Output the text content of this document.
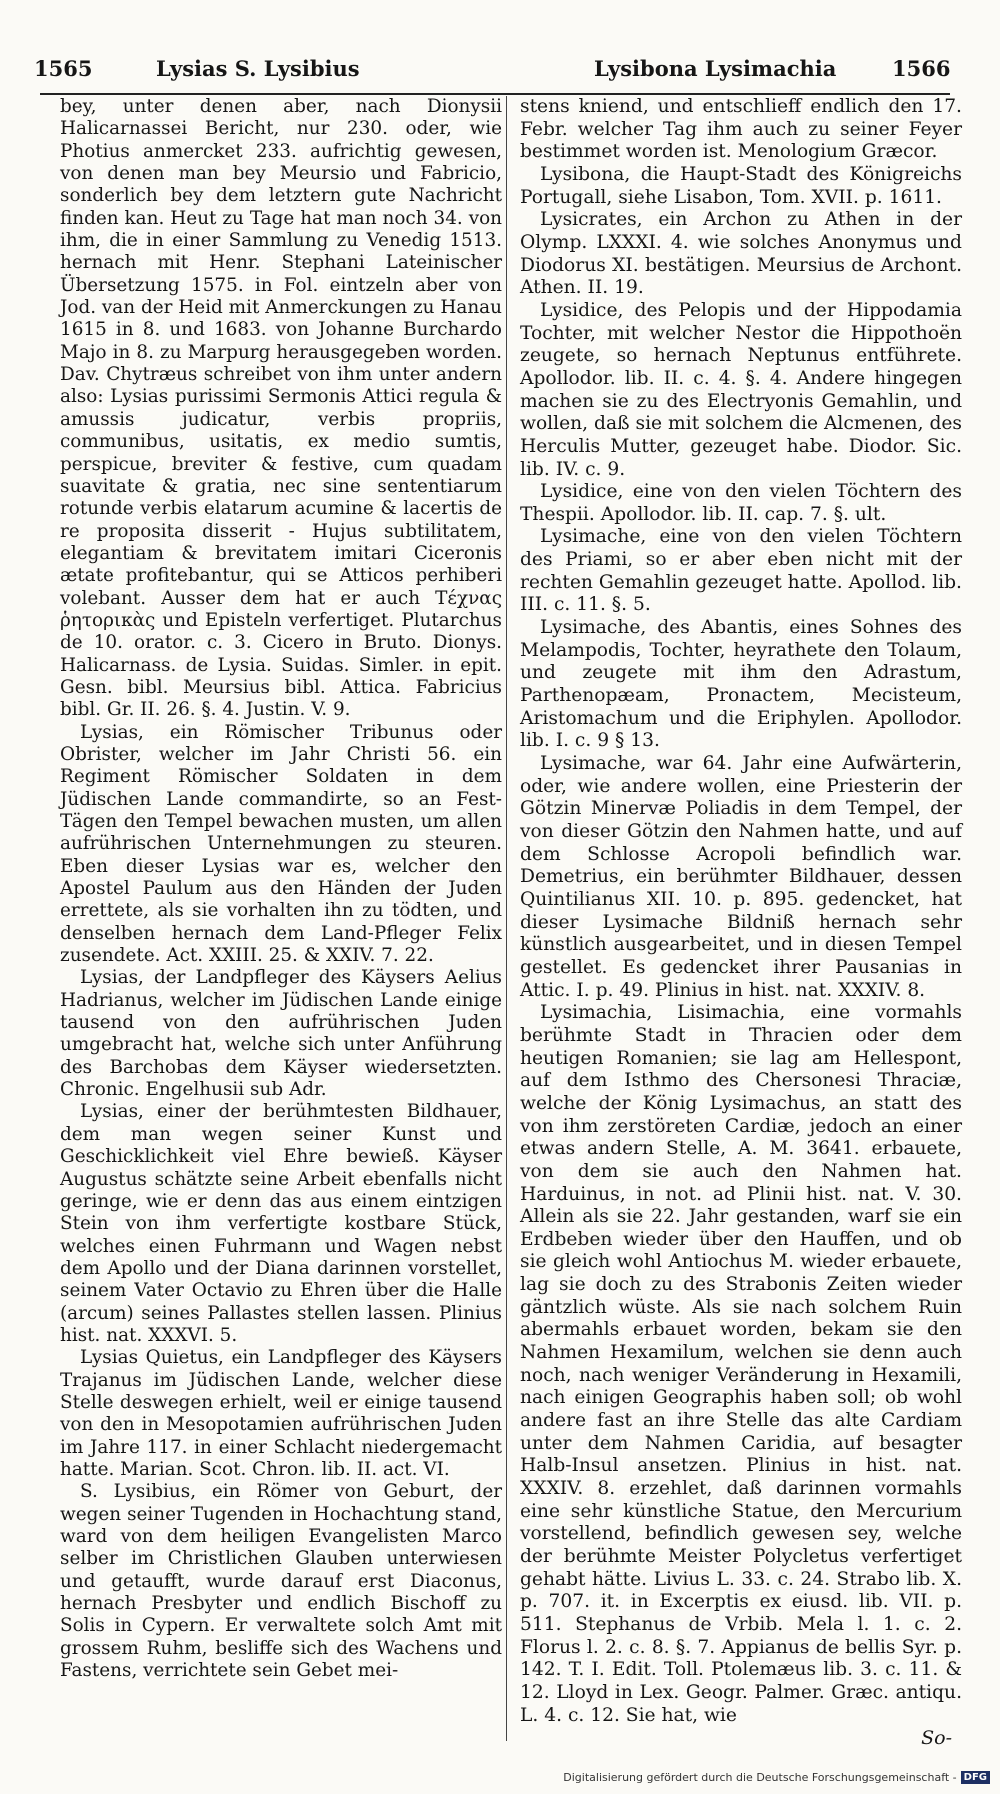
1565	Lysias S. Lysibius	Lysibona Lysimachia	1566

bey, unter denen aber, nach Dionysii Halicarnassei Bericht, nur 230. oder, wie Photius anmercket 233. aufrichtig gewesen, von denen man bey Meursio und Fabricio, sonderlich bey dem letztern gute Nachricht finden kan. Heut zu Tage hat man noch 34. von ihm, die in einer Sammlung zu Venedig 1513. hernach mit Henr. Stephani Lateinischer Übersetzung 1575. in Fol. eintzeln aber von Jod. van der Heid mit Anmerckungen zu Hanau 1615 in 8. und 1683. von Johanne Burchardo Majo in 8. zu Marpurg herausgegeben worden. Dav. Chytræus schreibet von ihm unter andern also: Lysias purissimi Sermonis Attici regula & amussis judicatur, verbis propriis, communibus, usitatis, ex medio sumtis, perspicue, breviter & festive, cum quadam suavitate & gratia, nec sine sententiarum rotunde verbis elatarum acumine & lacertis de re proposita disserit - Hujus subtilitatem, elegantiam & brevitatem imitari Ciceronis ætate profitebantur, qui se Atticos perhiberi volebant. Ausser dem hat er auch Τέχνας ῥητορικὰς und Episteln verfertiget. Plutarchus de 10. orator. c. 3. Cicero in Bruto. Dionys. Halicarnass. de Lysia. Suidas. Simler. in epit. Gesn. bibl. Meursius bibl. Attica. Fabricius bibl. Gr. II. 26. §. 4. Justin. V. 9.

Lysias, ein Römischer Tribunus oder Obrister, welcher im Jahr Christi 56. ein Regiment Römischer Soldaten in dem Jüdischen Lande commandirte, so an Fest-Tägen den Tempel bewachen musten, um allen aufrührischen Unternehmungen zu steuren. Eben dieser Lysias war es, welcher den Apostel Paulum aus den Händen der Juden errettete, als sie vorhalten ihn zu tödten, und denselben hernach dem Land-Pfleger Felix zusendete. Act. XXIII. 25. & XXIV. 7. 22.

Lysias, der Landpfleger des Käysers Aelius Hadrianus, welcher im Jüdischen Lande einige tausend von den aufrührischen Juden umgebracht hat, welche sich unter Anführung des Barchobas dem Käyser wiedersetzten. Chronic. Engelhusii sub Adr.

Lysias, einer der berühmtesten Bildhauer, dem man wegen seiner Kunst und Geschicklichkeit viel Ehre bewieß. Käyser Augustus schätzte seine Arbeit ebenfalls nicht geringe, wie er denn das aus einem eintzigen Stein von ihm verfertigte kostbare Stück, welches einen Fuhrmann und Wagen nebst dem Apollo und der Diana darinnen vorstellet, seinem Vater Octavio zu Ehren über die Halle (arcum) seines Pallastes stellen lassen. Plinius hist. nat. XXXVI. 5.

Lysias Quietus, ein Landpfleger des Käysers Trajanus im Jüdischen Lande, welcher diese Stelle deswegen erhielt, weil er einige tausend von den in Mesopotamien aufrührischen Juden im Jahre 117. in einer Schlacht niedergemacht hatte. Marian. Scot. Chron. lib. II. act. VI.

S. Lysibius, ein Römer von Geburt, der wegen seiner Tugenden in Hochachtung stand, ward von dem heiligen Evangelisten Marco selber im Christlichen Glauben unterwiesen und getaufft, wurde darauf erst Diaconus, hernach Presbyter und endlich Bischoff zu Solis in Cypern. Er verwaltete solch Amt mit grossem Ruhm, besliffe sich des Wachens und Fastens, verrichtete sein Gebet mei-

stens kniend, und entschlieff endlich den 17. Febr. welcher Tag ihm auch zu seiner Feyer bestimmet worden ist. Menologium Græcor.

Lysibona, die Haupt-Stadt des Königreichs Portugall, siehe Lisabon, Tom. XVII. p. 1611.

Lysicrates, ein Archon zu Athen in der Olymp. LXXXI. 4. wie solches Anonymus und Diodorus XI. bestätigen. Meursius de Archont. Athen. II. 19.

Lysidice, des Pelopis und der Hippodamia Tochter, mit welcher Nestor die Hippothoën zeugete, so hernach Neptunus entführete. Apollodor. lib. II. c. 4. §. 4. Andere hingegen machen sie zu des Electryonis Gemahlin, und wollen, daß sie mit solchem die Alcmenen, des Herculis Mutter, gezeuget habe. Diodor. Sic. lib. IV. c. 9.

Lysidice, eine von den vielen Töchtern des Thespii. Apollodor. lib. II. cap. 7. §. ult.

Lysimache, eine von den vielen Töchtern des Priami, so er aber eben nicht mit der rechten Gemahlin gezeuget hatte. Apollod. lib. III. c. 11. §. 5.

Lysimache, des Abantis, eines Sohnes des Melampodis, Tochter, heyrathete den Tolaum, und zeugete mit ihm den Adrastum, Parthenopæam, Pronactem, Mecisteum, Aristomachum und die Eriphylen. Apollodor. lib. I. c. 9 § 13.

Lysimache, war 64. Jahr eine Aufwärterin, oder, wie andere wollen, eine Priesterin der Götzin Minervæ Poliadis in dem Tempel, der von dieser Götzin den Nahmen hatte, und auf dem Schlosse Acropoli befindlich war. Demetrius, ein berühmter Bildhauer, dessen Quintilianus XII. 10. p. 895. gedencket, hat dieser Lysimache Bildniß hernach sehr künstlich ausgearbeitet, und in diesen Tempel gestellet. Es gedencket ihrer Pausanias in Attic. I. p. 49. Plinius in hist. nat. XXXIV. 8.

Lysimachia, Lisimachia, eine vormahls berühmte Stadt in Thracien oder dem heutigen Romanien; sie lag am Hellespont, auf dem Isthmo des Chersonesi Thraciæ, welche der König Lysimachus, an statt des von ihm zerstöreten Cardiæ, jedoch an einer etwas andern Stelle, A. M. 3641. erbauete, von dem sie auch den Nahmen hat. Harduinus, in not. ad Plinii hist. nat. V. 30. Allein als sie 22. Jahr gestanden, warf sie ein Erdbeben wieder über den Hauffen, und ob sie gleich wohl Antiochus M. wieder erbauete, lag sie doch zu des Strabonis Zeiten wieder gäntzlich wüste. Als sie nach solchem Ruin abermahls erbauet worden, bekam sie den Nahmen Hexamilum, welchen sie denn auch noch, nach weniger Veränderung in Hexamili, nach einigen Geographis haben soll; ob wohl andere fast an ihre Stelle das alte Cardiam unter dem Nahmen Caridia, auf besagter Halb-Insul ansetzen. Plinius in hist. nat. XXXIV. 8. erzehlet, daß darinnen vormahls eine sehr künstliche Statue, den Mercurium vorstellend, befindlich gewesen sey, welche der berühmte Meister Polycletus verfertiget gehabt hätte. Livius L. 33. c. 24. Strabo lib. X. p. 707. it. in Excerptis ex eiusd. lib. VII. p. 511. Stephanus de Vrbib. Mela l. 1. c. 2. Florus l. 2. c. 8. §. 7. Appianus de bellis Syr. p. 142. T. I. Edit. Toll. Ptolemæus lib. 3. c. 11. & 12. Lloyd in Lex. Geogr. Palmer. Græc. antiqu. L. 4. c. 12. Sie hat, wie

So-
Digitalisierung gefördert durch die Deutsche Forschungsgemeinschaft - DFG
